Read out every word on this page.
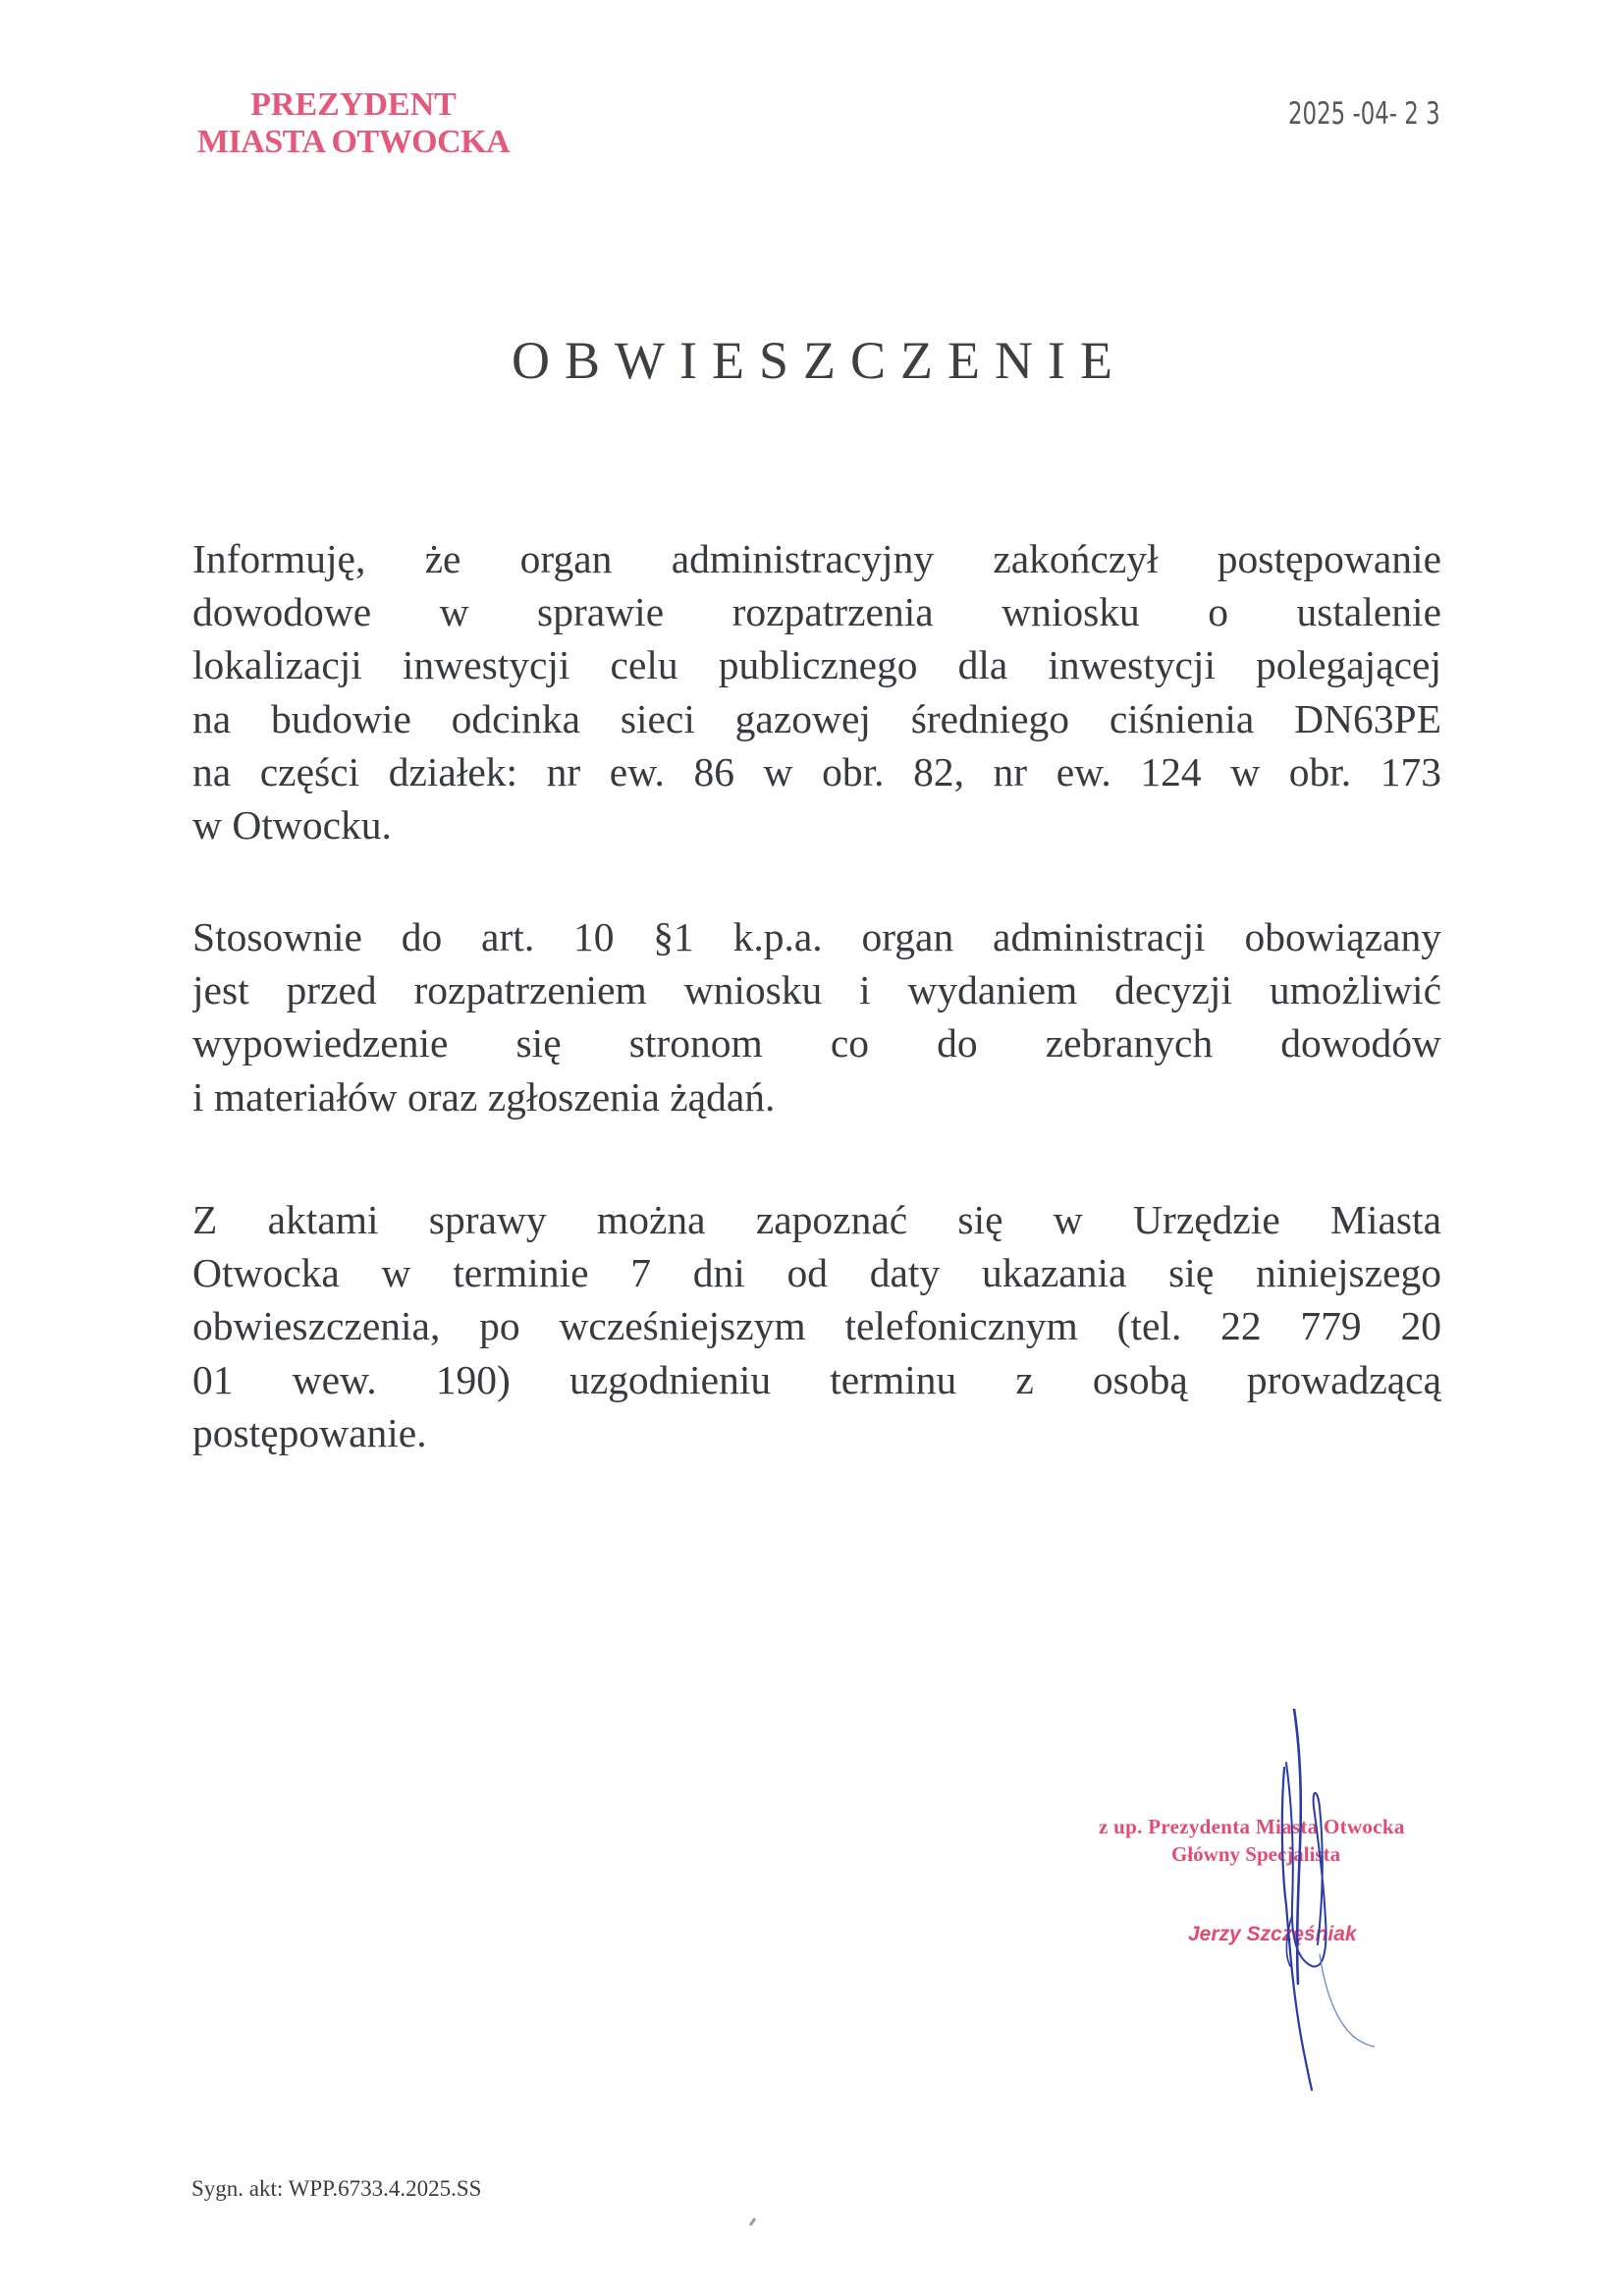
PREZYDENT
MIASTA OTWOCKA
2025 -04- 2 3
OBWIESZCZENIE
Informuję, że organ administracyjny zakończył postępowanie
dowodowe w sprawie rozpatrzenia wniosku o ustalenie
lokalizacji inwestycji celu publicznego dla inwestycji polegającej
na budowie odcinka sieci gazowej średniego ciśnienia DN63PE
na części działek: nr ew. 86 w obr. 82, nr ew. 124 w obr. 173
w Otwocku.
Stosownie do art. 10 §1 k.p.a. organ administracji obowiązany
jest przed rozpatrzeniem wniosku i wydaniem decyzji umożliwić
wypowiedzenie się stronom co do zebranych dowodów
i materiałów oraz zgłoszenia żądań.
Z aktami sprawy można zapoznać się w Urzędzie Miasta
Otwocka w terminie 7 dni od daty ukazania się niniejszego
obwieszczenia, po wcześniejszym telefonicznym (tel. 22 779 20
01 wew. 190) uzgodnieniu terminu z osobą prowadzącą
postępowanie.
z up. Prezydenta Miasta Otwocka
Główny Specjalista
Jerzy Szczęśniak
Sygn. akt: WPP.6733.4.2025.SS
